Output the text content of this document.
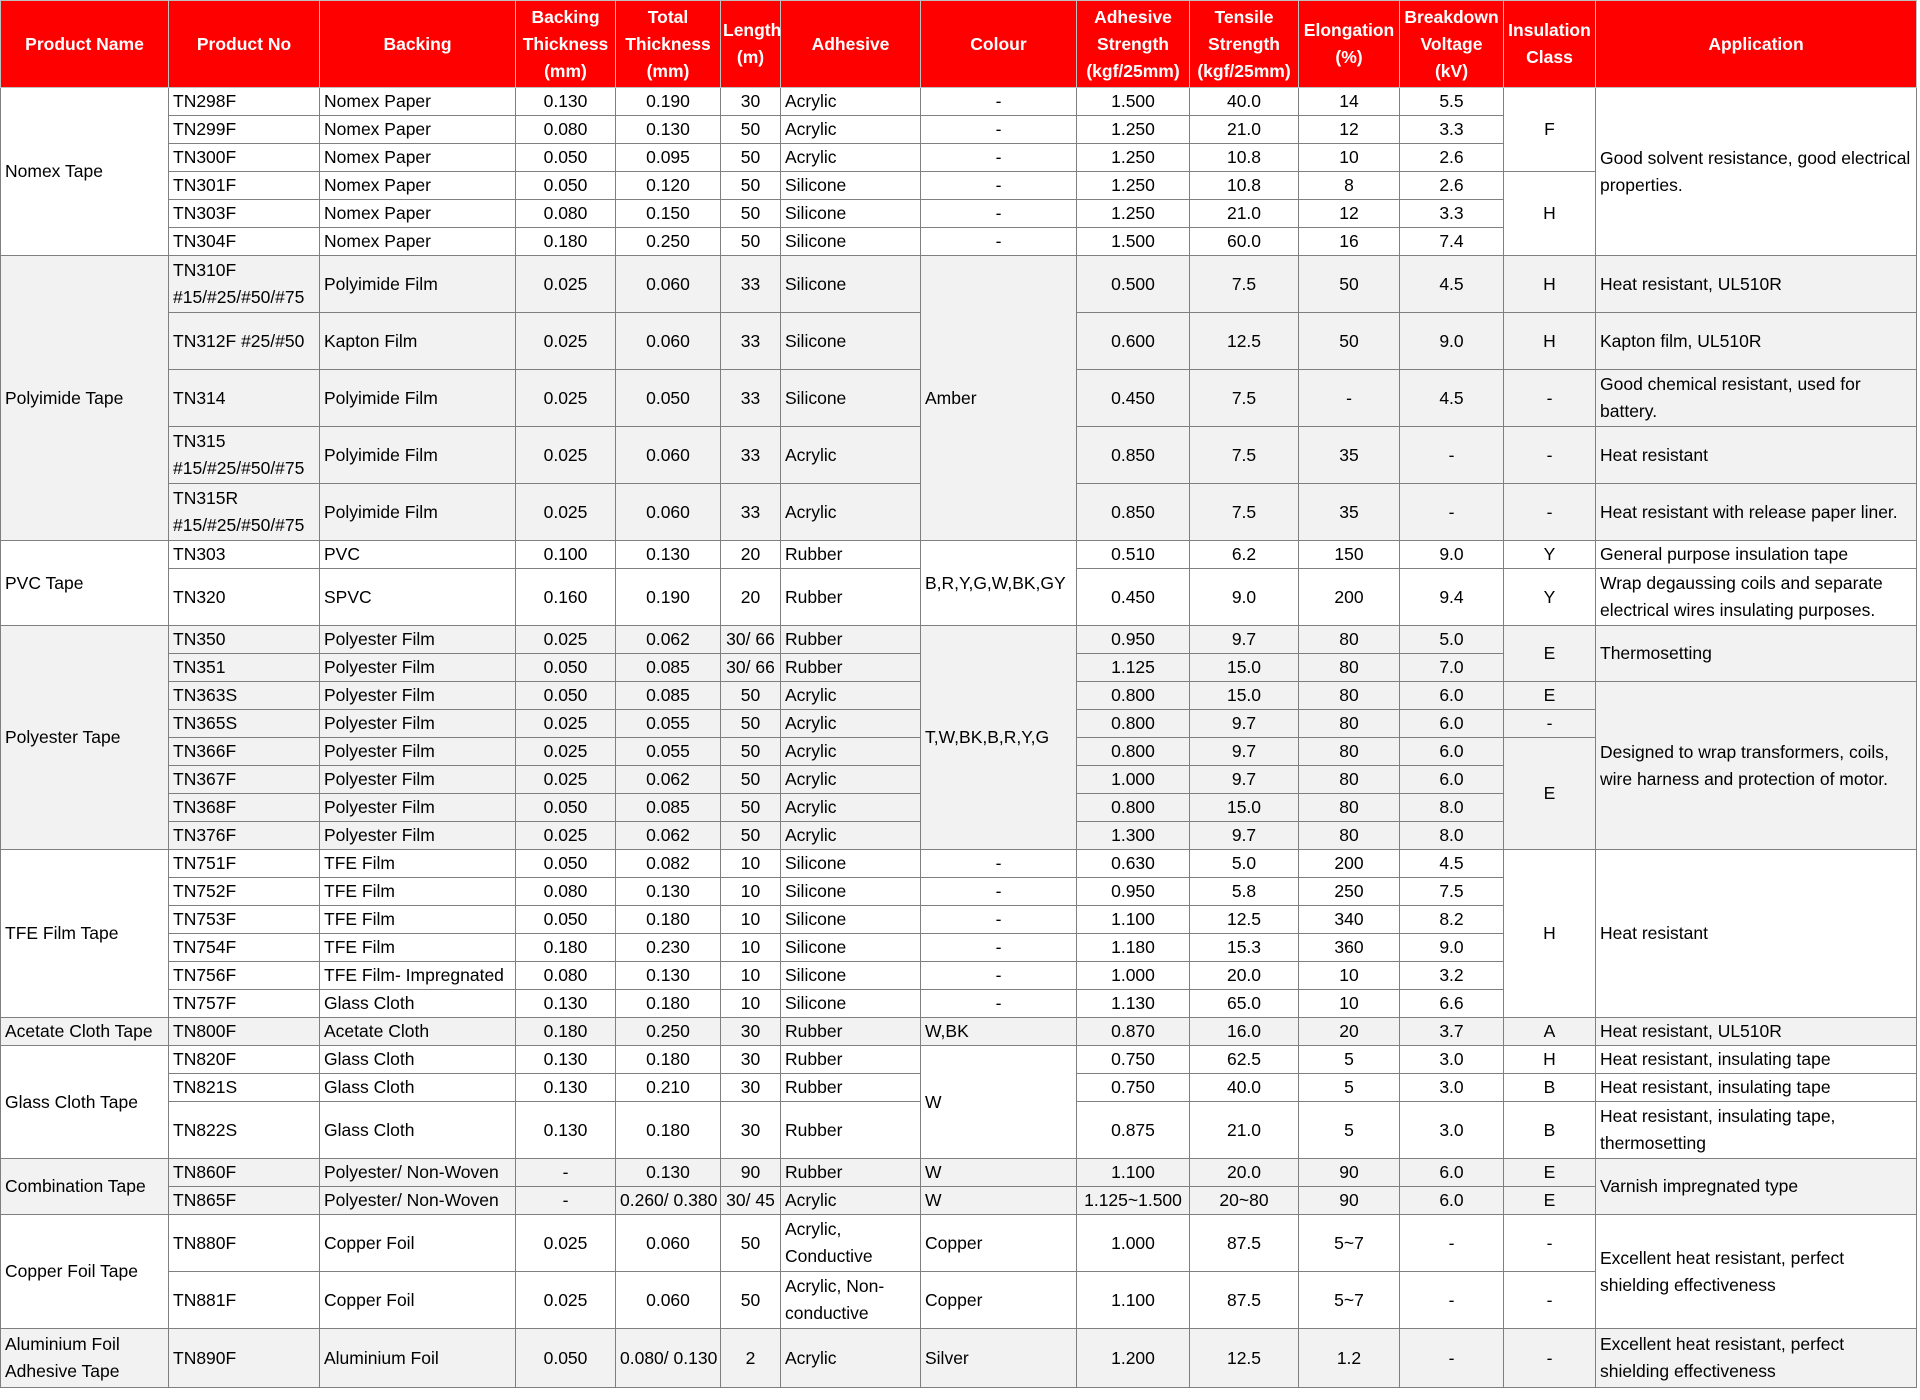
Product Name	Product No	Backing	Backing Thickness (mm)	Total Thickness (mm)	Length (m)	Adhesive	Colour	Adhesive Strength (kgf/25mm)	Tensile Strength (kgf/25mm)	Elongation (%)	Breakdown Voltage (kV)	Insulation Class	Application
Nomex Tape	TN298F	Nomex Paper	0.130	0.190	30	Acrylic	-	1.500	40.0	14	5.5	F	Good solvent resistance, good electrical properties.
	TN299F	Nomex Paper	0.080	0.130	50	Acrylic	-	1.250	21.0	12	3.3		
	TN300F	Nomex Paper	0.050	0.095	50	Acrylic	-	1.250	10.8	10	2.6		
	TN301F	Nomex Paper	0.050	0.120	50	Silicone	-	1.250	10.8	8	2.6	H	
	TN303F	Nomex Paper	0.080	0.150	50	Silicone	-	1.250	21.0	12	3.3		
	TN304F	Nomex Paper	0.180	0.250	50	Silicone	-	1.500	60.0	16	7.4		
Polyimide Tape	TN310F #15/#25/#50/#75	Polyimide Film	0.025	0.060	33	Silicone	Amber	0.500	7.5	50	4.5	H	Heat resistant, UL510R
	TN312F #25/#50	Kapton Film	0.025	0.060	33	Silicone		0.600	12.5	50	9.0	H	Kapton film, UL510R
	TN314	Polyimide Film	0.025	0.050	33	Silicone		0.450	7.5	-	4.5	-	Good chemical resistant, used for battery.
	TN315 #15/#25/#50/#75	Polyimide Film	0.025	0.060	33	Acrylic		0.850	7.5	35	-	-	Heat resistant
	TN315R #15/#25/#50/#75	Polyimide Film	0.025	0.060	33	Acrylic		0.850	7.5	35	-	-	Heat resistant with release paper liner.
PVC Tape	TN303	PVC	0.100	0.130	20	Rubber	B,R,Y,G,W,BK,GY	0.510	6.2	150	9.0	Y	General purpose insulation tape
	TN320	SPVC	0.160	0.190	20	Rubber		0.450	9.0	200	9.4	Y	Wrap degaussing coils and separate electrical wires insulating purposes.
Polyester Tape	TN350	Polyester Film	0.025	0.062	30/ 66	Rubber	T,W,BK,B,R,Y,G	0.950	9.7	80	5.0	E	Thermosetting
	TN351	Polyester Film	0.050	0.085	30/ 66	Rubber		1.125	15.0	80	7.0		
	TN363S	Polyester Film	0.050	0.085	50	Acrylic		0.800	15.0	80	6.0	E	Designed to wrap transformers, coils, wire harness and protection of motor.
	TN365S	Polyester Film	0.025	0.055	50	Acrylic		0.800	9.7	80	6.0	-	
	TN366F	Polyester Film	0.025	0.055	50	Acrylic		0.800	9.7	80	6.0	E	
	TN367F	Polyester Film	0.025	0.062	50	Acrylic		1.000	9.7	80	6.0		
	TN368F	Polyester Film	0.050	0.085	50	Acrylic		0.800	15.0	80	8.0		
	TN376F	Polyester Film	0.025	0.062	50	Acrylic		1.300	9.7	80	8.0		
TFE Film Tape	TN751F	TFE Film	0.050	0.082	10	Silicone	-	0.630	5.0	200	4.5	H	Heat resistant
	TN752F	TFE Film	0.080	0.130	10	Silicone	-	0.950	5.8	250	7.5		
	TN753F	TFE Film	0.050	0.180	10	Silicone	-	1.100	12.5	340	8.2		
	TN754F	TFE Film	0.180	0.230	10	Silicone	-	1.180	15.3	360	9.0		
	TN756F	TFE Film- Impregnated	0.080	0.130	10	Silicone	-	1.000	20.0	10	3.2		
	TN757F	Glass Cloth	0.130	0.180	10	Silicone	-	1.130	65.0	10	6.6		
Acetate Cloth Tape	TN800F	Acetate Cloth	0.180	0.250	30	Rubber	W,BK	0.870	16.0	20	3.7	A	Heat resistant, UL510R
Glass Cloth Tape	TN820F	Glass Cloth	0.130	0.180	30	Rubber	W	0.750	62.5	5	3.0	H	Heat resistant, insulating tape
	TN821S	Glass Cloth	0.130	0.210	30	Rubber		0.750	40.0	5	3.0	B	Heat resistant, insulating tape
	TN822S	Glass Cloth	0.130	0.180	30	Rubber		0.875	21.0	5	3.0	B	Heat resistant, insulating tape, thermosetting
Combination Tape	TN860F	Polyester/ Non-Woven	-	0.130	90	Rubber	W	1.100	20.0	90	6.0	E	Varnish impregnated type
	TN865F	Polyester/ Non-Woven	-	0.260/ 0.380	30/ 45	Acrylic	W	1.125~1.500	20~80	90	6.0	E	
Copper Foil Tape	TN880F	Copper Foil	0.025	0.060	50	Acrylic, Conductive	Copper	1.000	87.5	5~7	-	-	Excellent heat resistant, perfect shielding effectiveness
	TN881F	Copper Foil	0.025	0.060	50	Acrylic, Non-conductive	Copper	1.100	87.5	5~7	-	-	
Aluminium Foil Adhesive Tape	TN890F	Aluminium Foil	0.050	0.080/ 0.130	2	Acrylic	Silver	1.200	12.5	1.2	-	-	Excellent heat resistant, perfect shielding effectiveness
